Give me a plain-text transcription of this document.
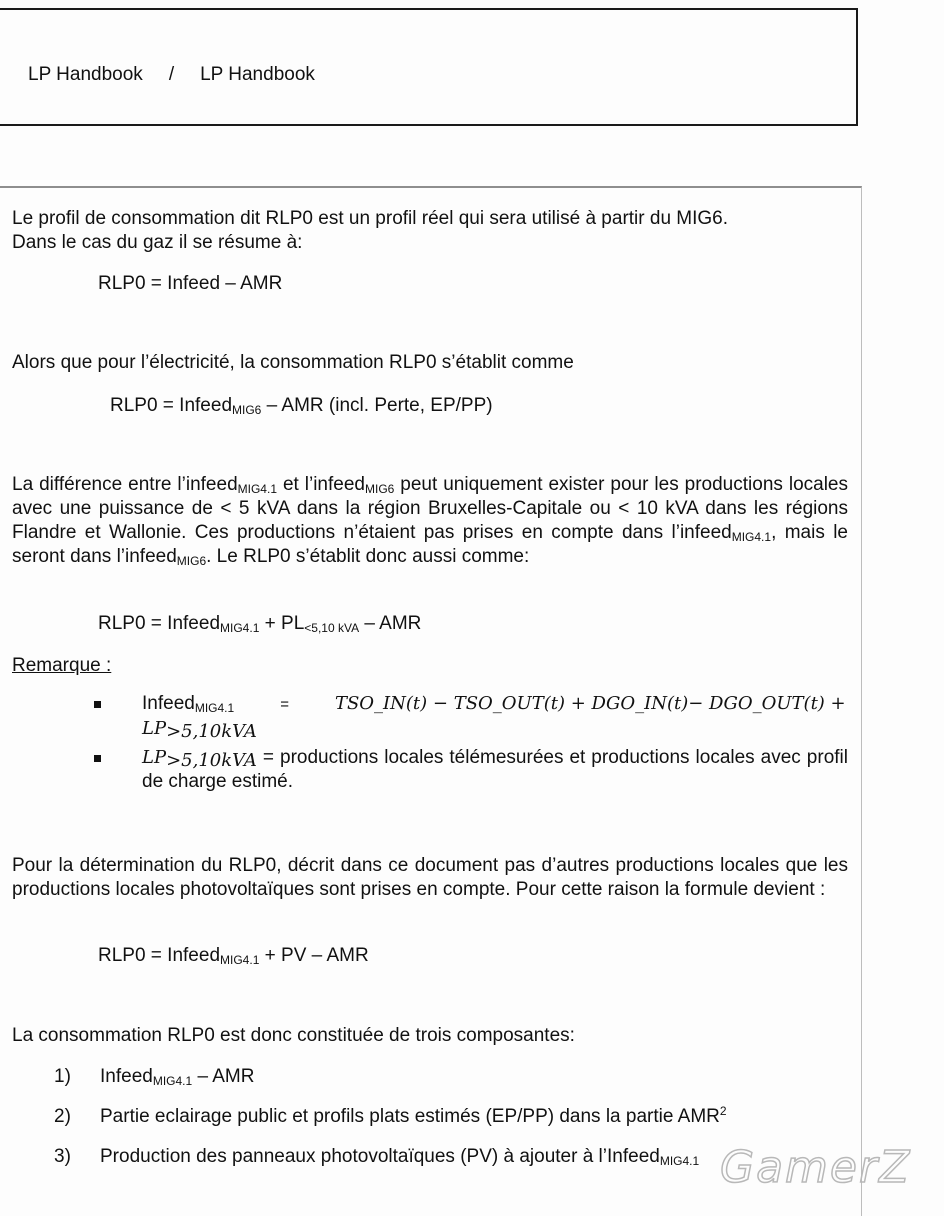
LP Handbook / LP Handbook

Le profil de consommation dit RLP0 est un profil réel qui sera utilisé à partir du MIG6.
Dans le cas du gaz il se résume à:

RLP0 = Infeed – AMR

Alors que pour l’électricité, la consommation RLP0 s’établit comme

RLP0 = Infeed$_{MIG6}$ – AMR (incl. Perte, EP/PP)

La différence entre l’infeed$_{MIG4.1}$ et l’infeed$_{MIG6}$ peut uniquement exister pour les productions locales avec une puissance de < 5 kVA dans la région Bruxelles-Capitale ou < 10 kVA dans les régions Flandre et Wallonie. Ces productions n’étaient pas prises en compte dans l’infeed$_{MIG4.1}$, mais le seront dans l’infeed$_{MIG6}$. Le RLP0 s’établit donc aussi comme:

RLP0 = Infeed$_{MIG4.1}$ + $PL_{<5,10 kVA}$ – AMR

Remarque :
Infeed$_{MIG4.1}$	=	TSO_IN(t) − TSO_OUT(t) + DGO_IN(t)− DGO_OUT(t) +
$LP_{>5,10kVA}$
$LP_{>5,10kVA}$ = productions locales télémesurées et productions locales avec profil de charge estimé.

Pour la détermination du RLP0, décrit dans ce document pas d’autres productions locales que les productions locales photovoltaïques sont prises en compte. Pour cette raison la formule devient :

RLP0 = Infeed$_{MIG4.1}$ + PV – AMR

La consommation RLP0 est donc constituée de trois composantes:

1) Infeed$_{MIG4.1}$ – AMR
2) Partie eclairage public et profils plats estimés (EP/PP) dans la partie AMR$^2$
3) Production des panneaux photovoltaïques (PV) à ajouter à l’Infeed$_{MIG4.1}$ GamerZ
